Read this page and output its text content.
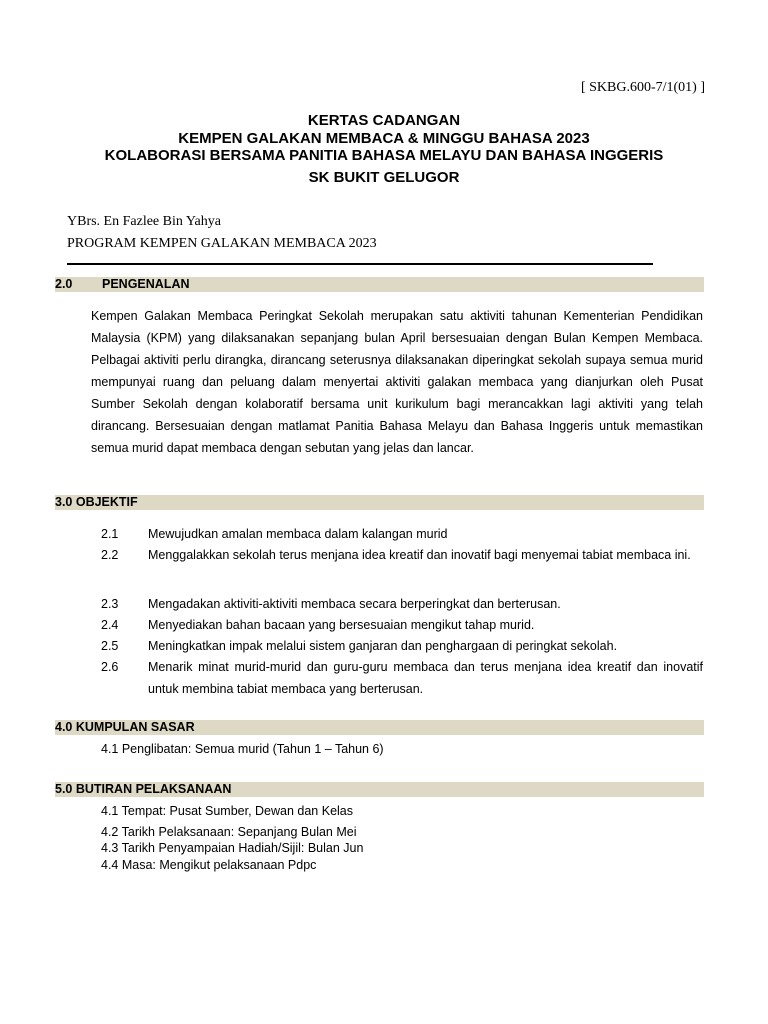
[ SKBG.600-7/1(01) ]
KERTAS CADANGAN
KEMPEN GALAKAN MEMBACA & MINGGU BAHASA 2023
KOLABORASI BERSAMA PANITIA BAHASA MELAYU DAN BAHASA INGGERIS
SK BUKIT GELUGOR
YBrs. En Fazlee Bin Yahya
PROGRAM KEMPEN GALAKAN MEMBACA 2023
2.0 PENGENALAN

Kempen Galakan Membaca Peringkat Sekolah merupakan satu aktiviti tahunan Kementerian Pendidikan Malaysia (KPM) yang dilaksanakan sepanjang bulan April bersesuaian dengan Bulan Kempen Membaca. Pelbagai aktiviti perlu dirangka, dirancang seterusnya dilaksanakan diperingkat sekolah supaya semua murid mempunyai ruang dan peluang dalam menyertai aktiviti galakan membaca yang dianjurkan oleh Pusat Sumber Sekolah dengan kolaboratif bersama unit kurikulum bagi merancakkan lagi aktiviti yang telah dirancang. Bersesuaian dengan matlamat Panitia Bahasa Melayu dan Bahasa Inggeris untuk memastikan semua murid dapat membaca dengan sebutan yang jelas dan lancar.

3.0 OBJEKTIF
2.1	Mewujudkan amalan membaca dalam kalangan murid
2.2	Menggalakkan sekolah terus menjana idea kreatif dan inovatif bagi menyemai tabiat membaca ini.
2.3	Mengadakan aktiviti-aktiviti membaca secara berperingkat dan berterusan.
2.4	Menyediakan bahan bacaan yang bersesuaian mengikut tahap murid.
2.5	Meningkatkan impak melalui sistem ganjaran dan penghargaan di peringkat sekolah.
2.6	Menarik minat murid-murid dan guru-guru membaca dan terus menjana idea kreatif dan inovatif untuk membina tabiat membaca yang berterusan.
4.0 KUMPULAN SASAR
4.1 Penglibatan: Semua murid (Tahun 1 – Tahun 6)
5.0 BUTIRAN PELAKSANAAN
4.1 Tempat: Pusat Sumber, Dewan dan Kelas
4.2 Tarikh Pelaksanaan: Sepanjang Bulan Mei
4.3 Tarikh Penyampaian Hadiah/Sijil: Bulan Jun
4.4 Masa: Mengikut pelaksanaan Pdpc
